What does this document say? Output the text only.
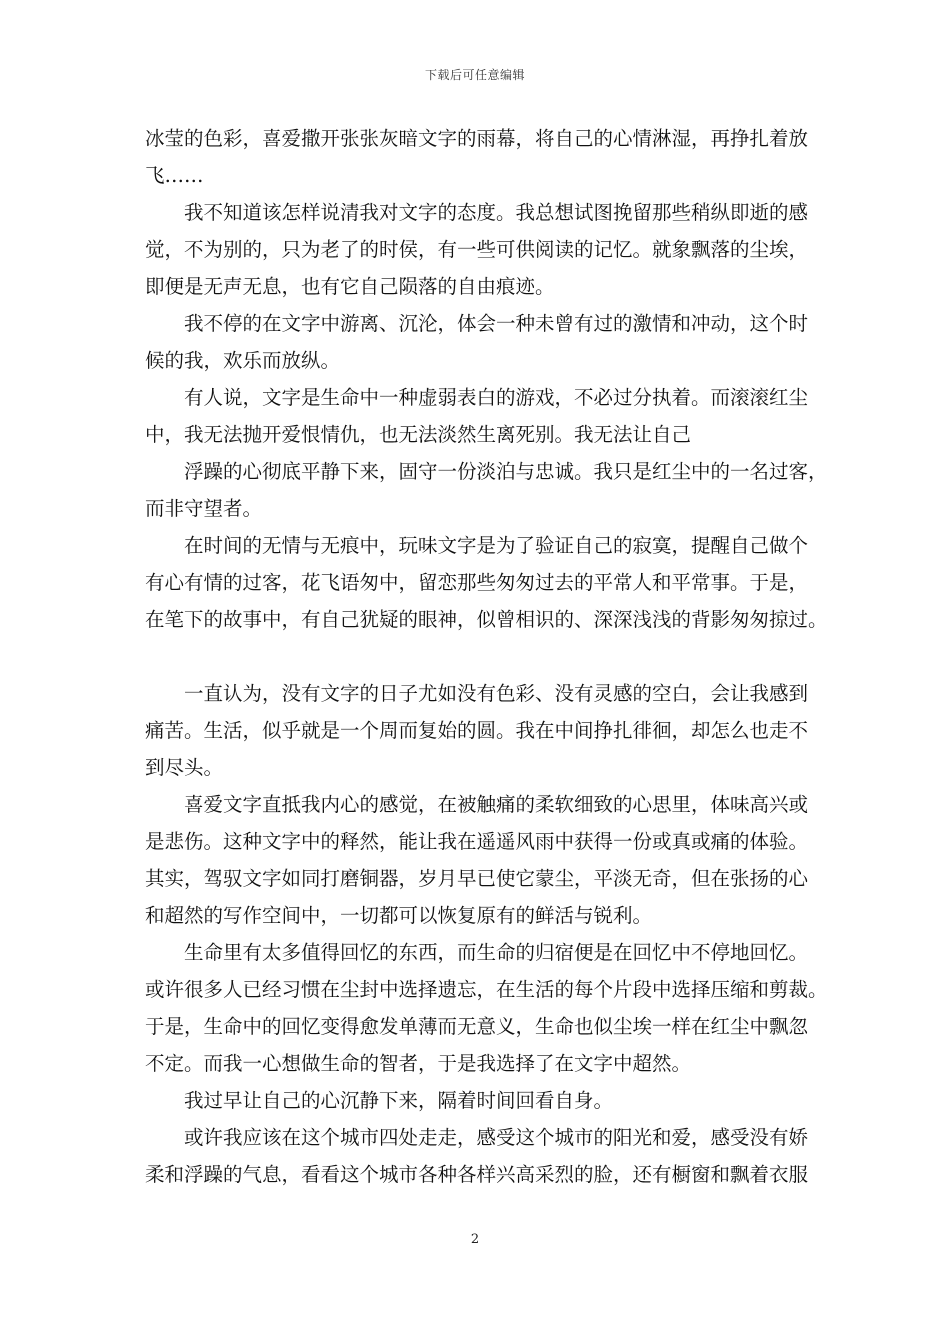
下载后可任意编辑
冰莹的色彩，喜爱撒开张张灰暗文字的雨幕，将自己的心情淋湿，再挣扎着放
飞……
我不知道该怎样说清我对文字的态度。我总想试图挽留那些稍纵即逝的感
觉，不为别的，只为老了的时侯，有一些可供阅读的记忆。就象飘落的尘埃，
即便是无声无息，也有它自己陨落的自由痕迹。
我不停的在文字中游离、沉沦，体会一种未曾有过的激情和冲动，这个时
候的我，欢乐而放纵。
有人说，文字是生命中一种虚弱表白的游戏，不必过分执着。而滚滚红尘
中，我无法抛开爱恨情仇，也无法淡然生离死别。我无法让自己
浮躁的心彻底平静下来，固守一份淡泊与忠诚。我只是红尘中的一名过客，
而非守望者。
在时间的无情与无痕中，玩味文字是为了验证自己的寂寞，提醒自己做个
有心有情的过客，花飞语匆中，留恋那些匆匆过去的平常人和平常事。于是，
在笔下的故事中，有自己犹疑的眼神，似曾相识的、深深浅浅的背影匆匆掠过。
一直认为，没有文字的日子尤如没有色彩、没有灵感的空白，会让我感到
痛苦。生活，似乎就是一个周而复始的圆。我在中间挣扎徘徊，却怎么也走不
到尽头。
喜爱文字直抵我内心的感觉，在被触痛的柔软细致的心思里，体味高兴或
是悲伤。这种文字中的释然，能让我在遥遥风雨中获得一份或真或痛的体验。
其实，驾驭文字如同打磨铜器，岁月早已使它蒙尘，平淡无奇，但在张扬的心
和超然的写作空间中，一切都可以恢复原有的鲜活与锐利。
生命里有太多值得回忆的东西，而生命的归宿便是在回忆中不停地回忆。
或许很多人已经习惯在尘封中选择遗忘，在生活的每个片段中选择压缩和剪裁。
于是，生命中的回忆变得愈发单薄而无意义，生命也似尘埃一样在红尘中飘忽
不定。而我一心想做生命的智者，于是我选择了在文字中超然。
我过早让自己的心沉静下来，隔着时间回看自身。
或许我应该在这个城市四处走走，感受这个城市的阳光和爱，感受没有娇
柔和浮躁的气息，看看这个城市各种各样兴高采烈的脸，还有橱窗和飘着衣服
2
